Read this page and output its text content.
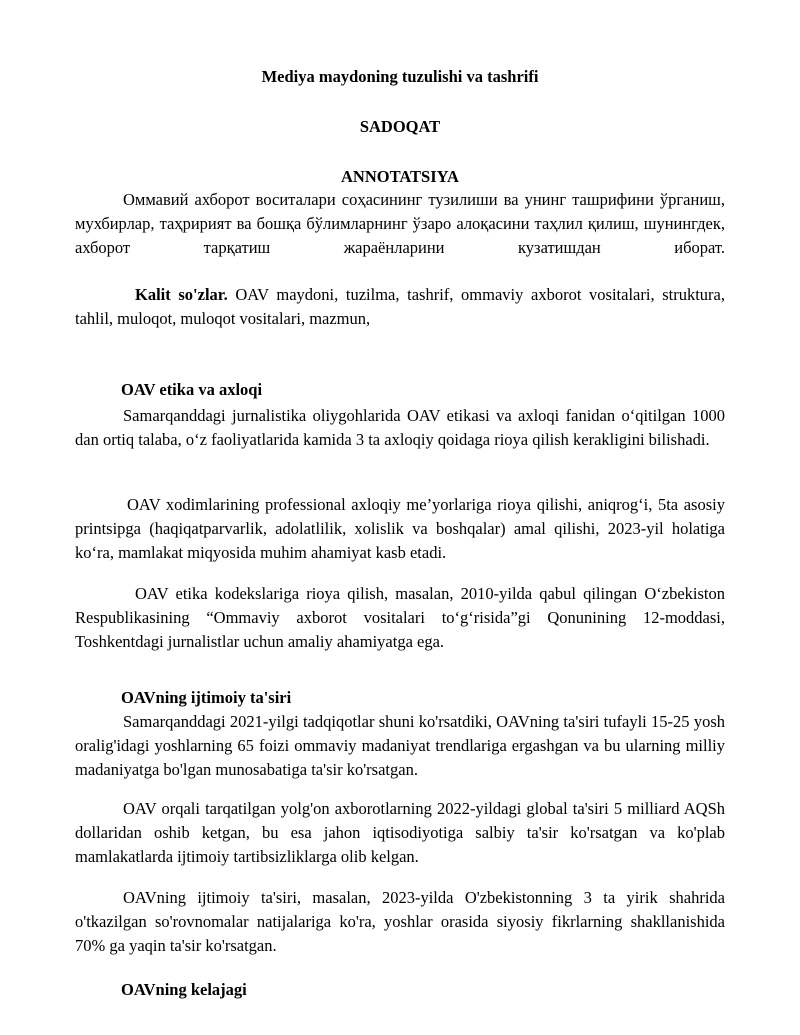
Mediya maydoning tuzulishi va tashrifi
SADOQAT
ANNOTATSIYA
Оммавий ахборот воситалари соҳасининг тузилиши ва унинг ташрифини ўрганиш, мухбирлар, таҳририят ва бошқа бўлимларнинг ўзаро алоқасини таҳлил қилиш, шунингдек, ахборот тарқатиш жараёнларини кузатишдан иборат.
Kalit so'zlar. OAV maydoni, tuzilma, tashrif, ommaviy axborot vositalari, struktura, tahlil, muloqot, muloqot vositalari, mazmun,
OAV etika va axloqi
Samarqanddagi jurnalistika oliygohlarida OAV etikasi va axloqi fanidan o‘qitilgan 1000 dan ortiq talaba, o‘z faoliyatlarida kamida 3 ta axloqiy qoidaga rioya qilish kerakligini bilishadi.
OAV xodimlarining professional axloqiy me’yorlariga rioya qilishi, aniqrog‘i, 5ta asosiy printsipga (haqiqatparvarlik, adolatlilik, xolislik va boshqalar) amal qilishi, 2023-yil holatiga ko‘ra, mamlakat miqyosida muhim ahamiyat kasb etadi.
OAV etika kodekslariga rioya qilish, masalan, 2010-yilda qabul qilingan O‘zbekiston Respublikasining “Ommaviy axborot vositalari to‘g‘risida”gi Qonunining 12-moddasi, Toshkentdagi jurnalistlar uchun amaliy ahamiyatga ega.
OAVning ijtimoiy ta'siri
Samarqanddagi 2021-yilgi tadqiqotlar shuni ko'rsatdiki, OAVning ta'siri tufayli 15-25 yosh oralig'idagi yoshlarning 65 foizi ommaviy madaniyat trendlariga ergashgan va bu ularning milliy madaniyatga bo'lgan munosabatiga ta'sir ko'rsatgan.
OAV orqali tarqatilgan yolg'on axborotlarning 2022-yildagi global ta'siri 5 milliard AQSh dollaridan oshib ketgan, bu esa jahon iqtisodiyotiga salbiy ta'sir ko'rsatgan va ko'plab mamlakatlarda ijtimoiy tartibsizliklarga olib kelgan.
OAVning ijtimoiy ta'siri, masalan, 2023-yilda O'zbekistonning 3 ta yirik shahrida o'tkazilgan so'rovnomalar natijalariga ko'ra, yoshlar orasida siyosiy fikrlarning shakllanishida 70% ga yaqin ta'sir ko'rsatgan.
OAVning kelajagi
